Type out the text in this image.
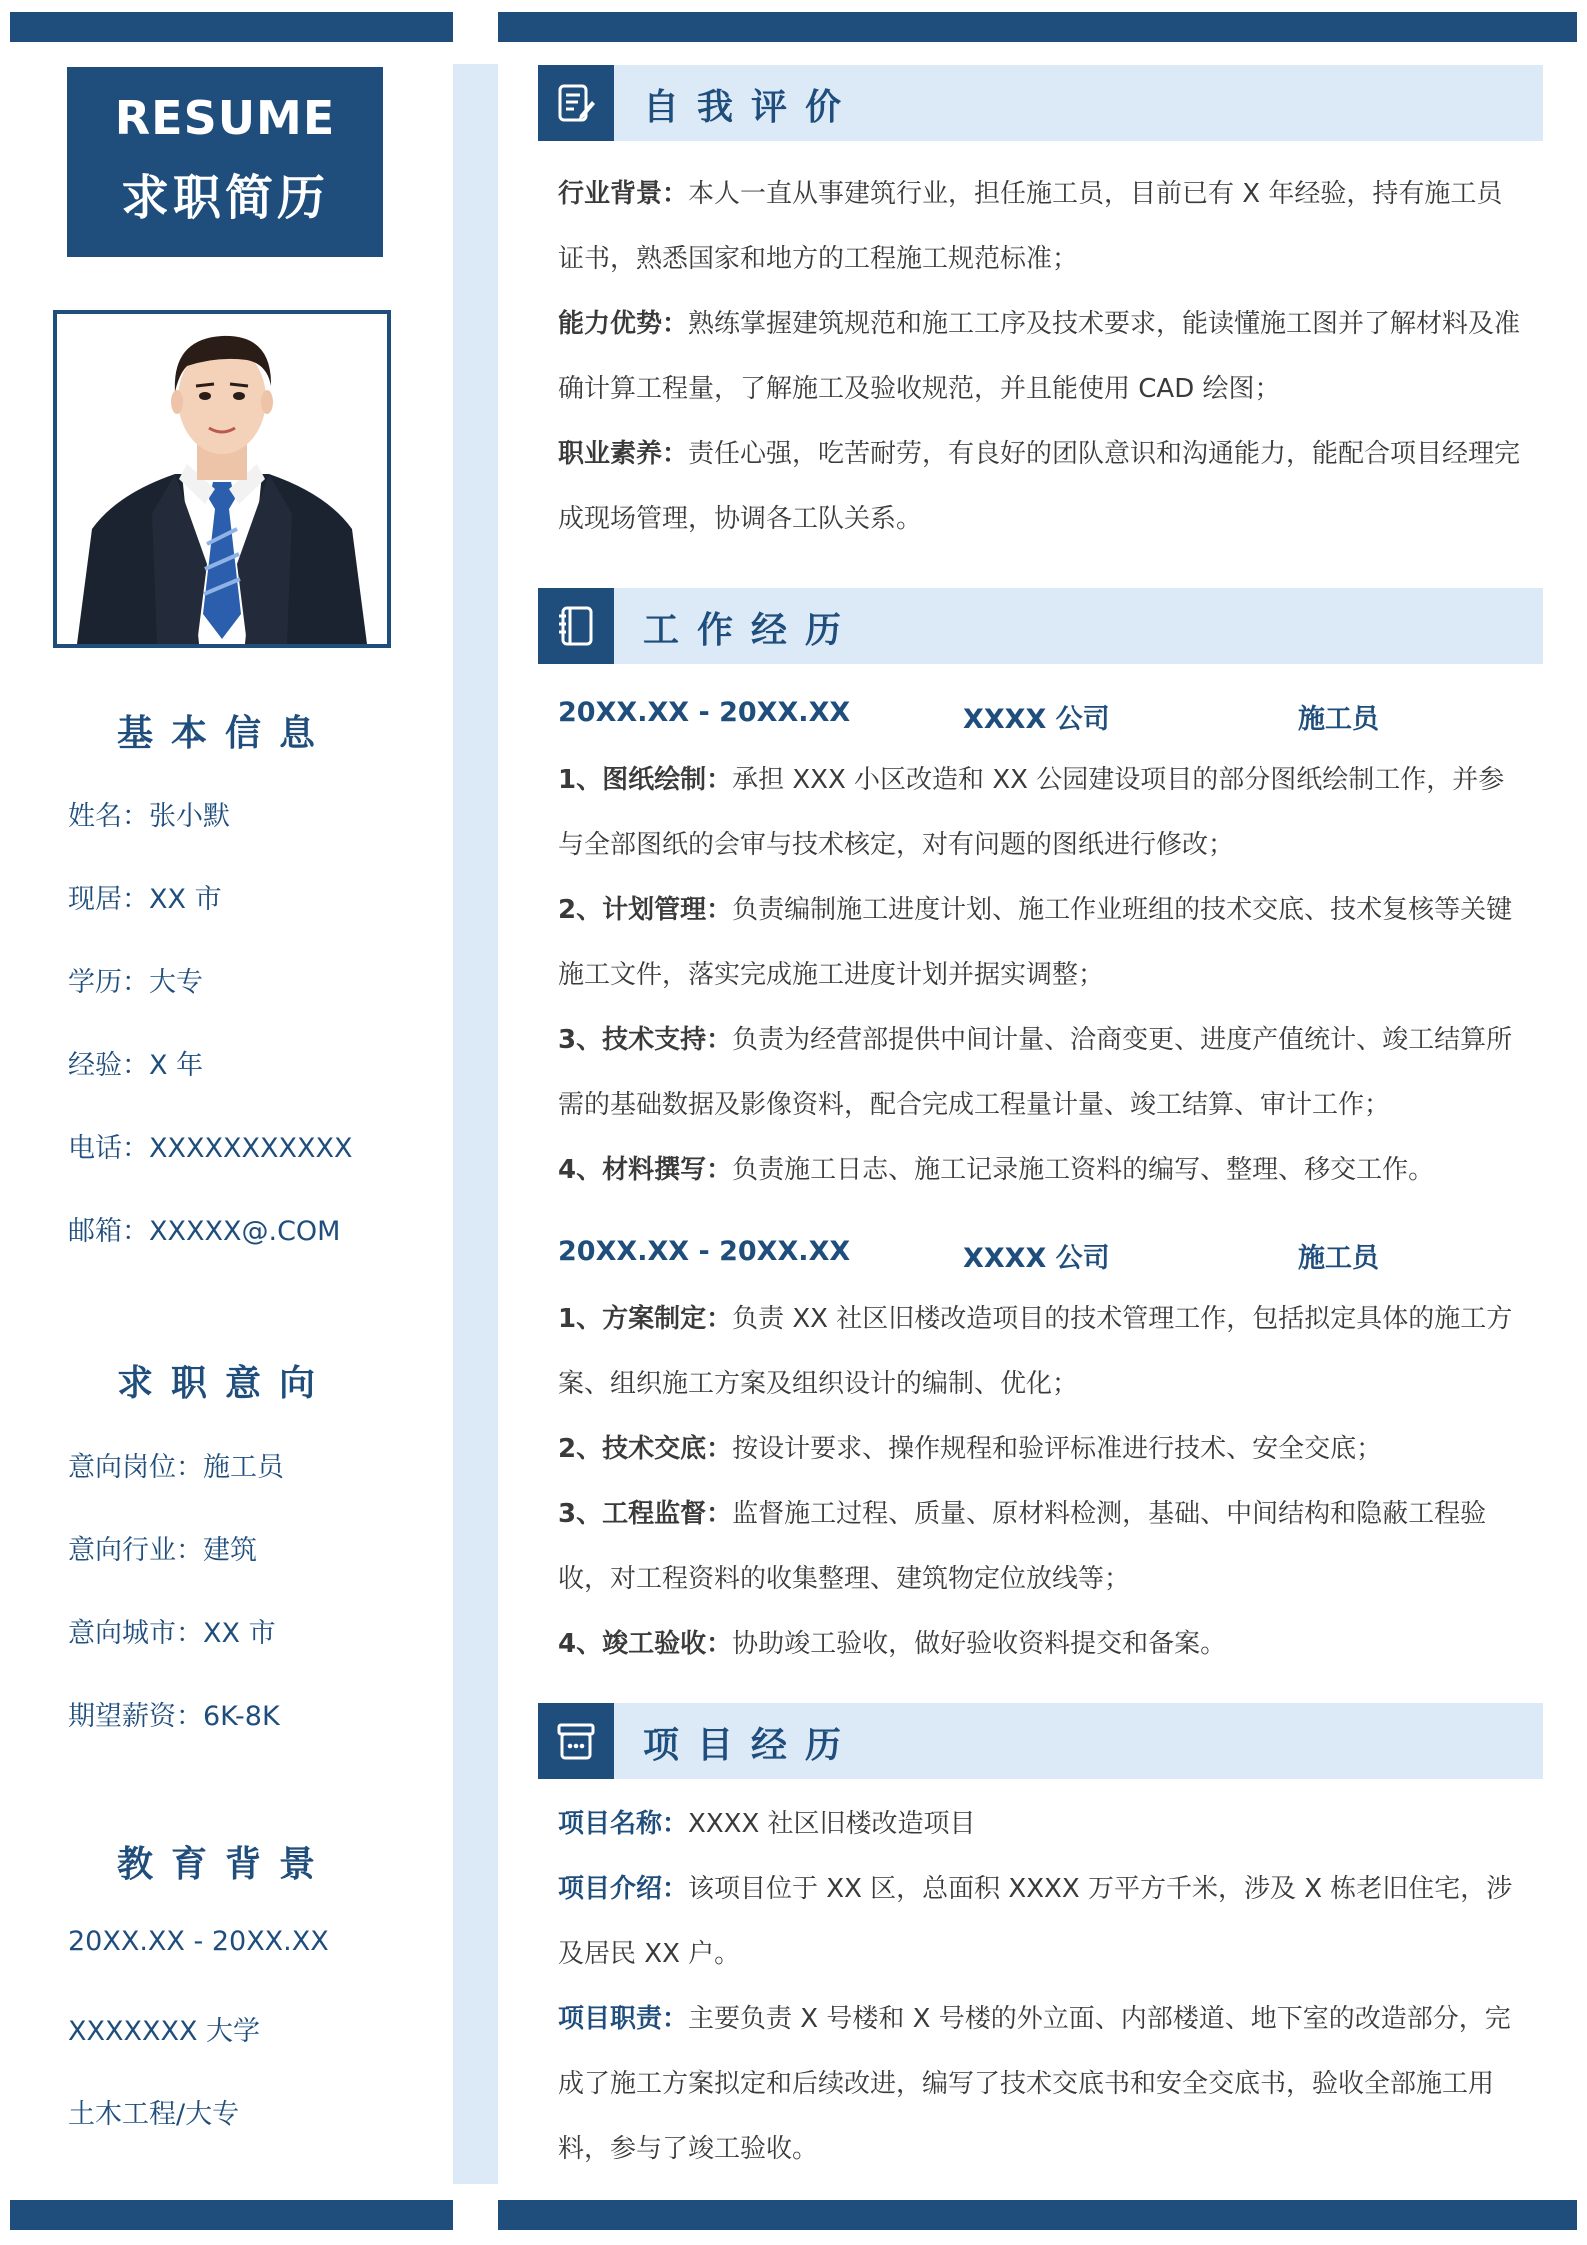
RESUME
求职简历
基本信息
姓名：张小默
现居：XX 市
学历：大专
经验：X 年
电话：XXXXXXXXXXX
邮箱：XXXXX@.COM
求职意向
意向岗位：施工员
意向行业：建筑
意向城市：XX 市
期望薪资：6K-8K
教育背景
20XX.XX - 20XX.XX
XXXXXXX 大学
土木工程/大专
自我评价
行业背景：本人一直从事建筑行业，担任施工员，目前已有 X 年经验，持有施工员证书，熟悉国家和地方的工程施工规范标准；
能力优势：熟练掌握建筑规范和施工工序及技术要求，能读懂施工图并了解材料及准确计算工程量，了解施工及验收规范，并且能使用 CAD 绘图；
职业素养：责任心强，吃苦耐劳，有良好的团队意识和沟通能力，能配合项目经理完成现场管理，协调各工队关系。
工作经历
20XX.XX - 20XX.XX	XXXX 公司	施工员
1、图纸绘制：承担 XXX 小区改造和 XX 公园建设项目的部分图纸绘制工作，并参与全部图纸的会审与技术核定，对有问题的图纸进行修改；
2、计划管理：负责编制施工进度计划、施工作业班组的技术交底、技术复核等关键施工文件，落实完成施工进度计划并据实调整；
3、技术支持：负责为经营部提供中间计量、洽商变更、进度产值统计、竣工结算所需的基础数据及影像资料，配合完成工程量计量、竣工结算、审计工作；
4、材料撰写：负责施工日志、施工记录施工资料的编写、整理、移交工作。
20XX.XX - 20XX.XX	XXXX 公司	施工员
1、方案制定：负责 XX 社区旧楼改造项目的技术管理工作，包括拟定具体的施工方案、组织施工方案及组织设计的编制、优化；
2、技术交底：按设计要求、操作规程和验评标准进行技术、安全交底；
3、工程监督：监督施工过程、质量、原材料检测，基础、中间结构和隐蔽工程验收，对工程资料的收集整理、建筑物定位放线等；
4、竣工验收：协助竣工验收，做好验收资料提交和备案。
项目经历
项目名称：XXXX 社区旧楼改造项目
项目介绍：该项目位于 XX 区，总面积 XXXX 万平方千米，涉及 X 栋老旧住宅，涉及居民 XX 户。
项目职责：主要负责 X 号楼和 X 号楼的外立面、内部楼道、地下室的改造部分，完成了施工方案拟定和后续改进，编写了技术交底书和安全交底书，验收全部施工用料，参与了竣工验收。
